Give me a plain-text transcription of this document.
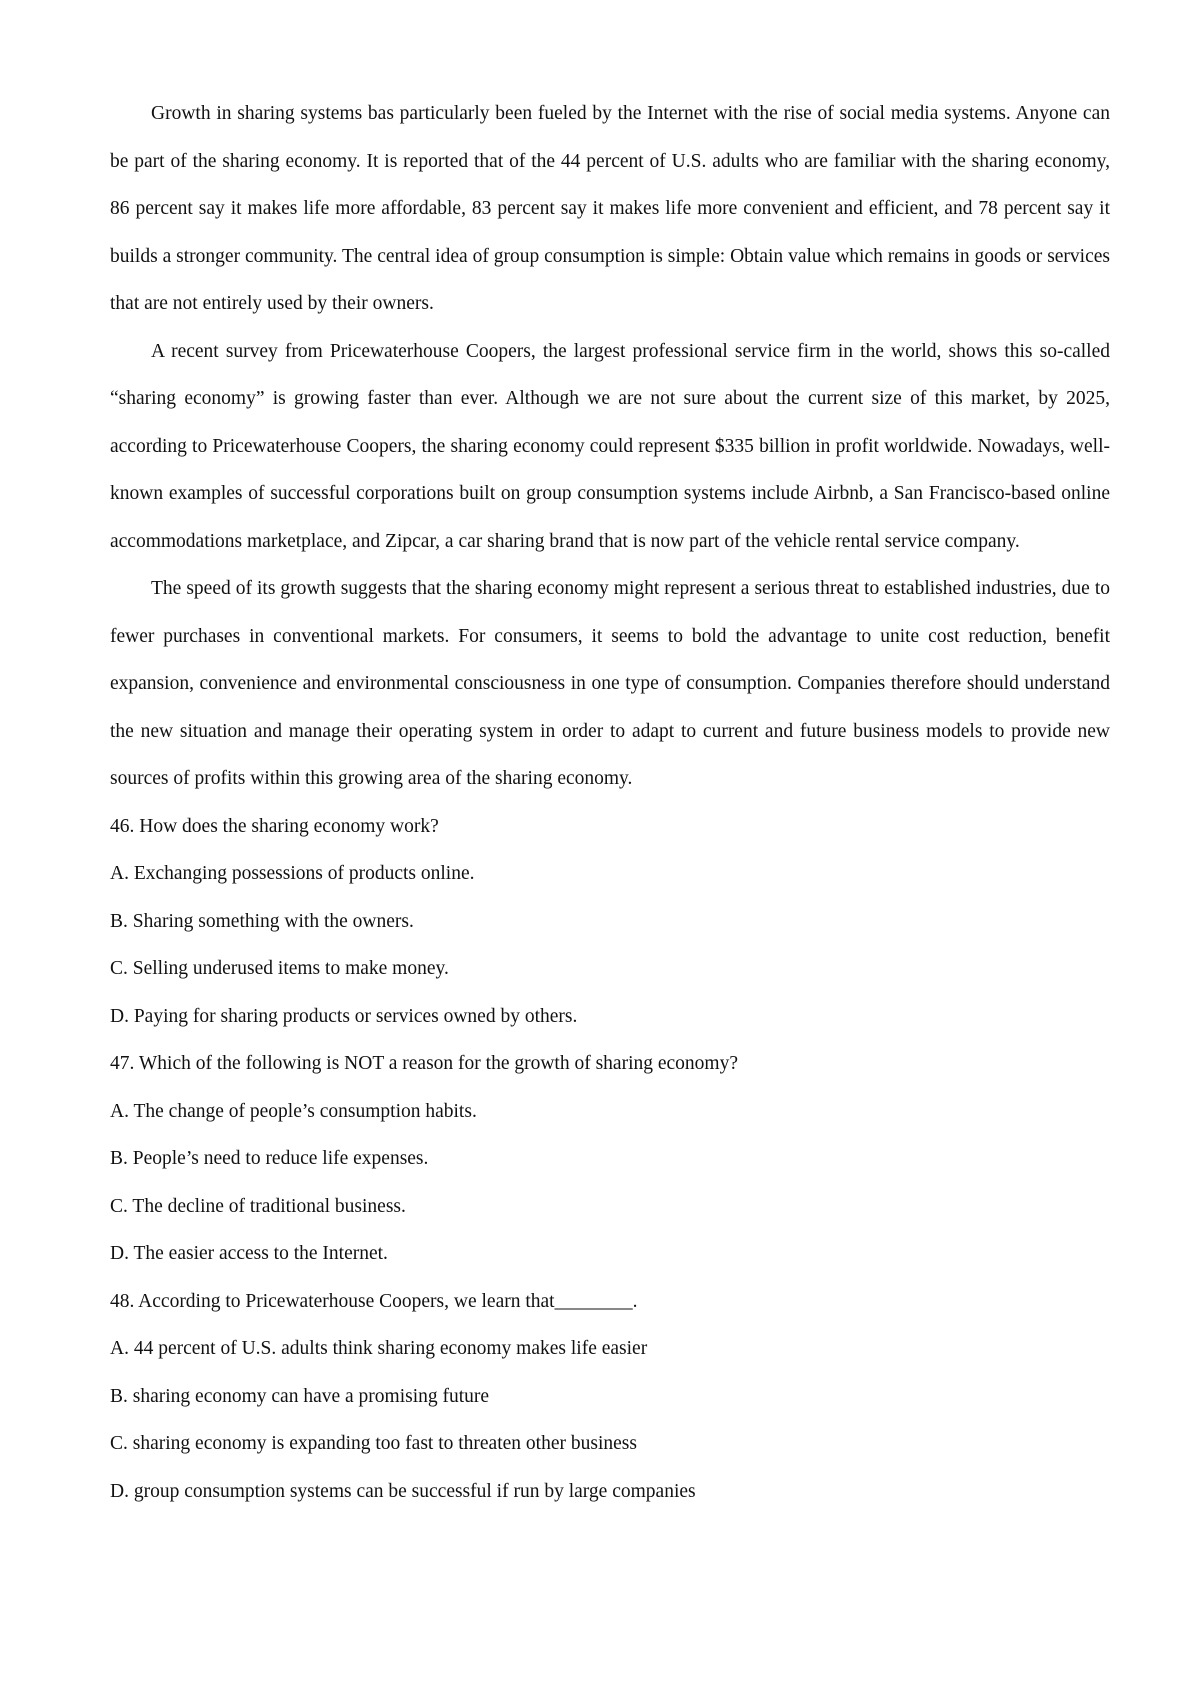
Growth in sharing systems bas particularly been fueled by the Internet with the rise of social media systems. Anyone can be part of the sharing economy. It is reported that of the 44 percent of U.S. adults who are familiar with the sharing economy, 86 percent say it makes life more affordable, 83 percent say it makes life more convenient and efficient, and 78 percent say it builds a stronger community. The central idea of group consumption is simple: Obtain value which remains in goods or services that are not entirely used by their owners.

A recent survey from Pricewaterhouse Coopers, the largest professional service firm in the world, shows this so-called “sharing economy” is growing faster than ever. Although we are not sure about the current size of this market, by 2025, according to Pricewaterhouse Coopers, the sharing economy could represent $335 billion in profit worldwide. Nowadays, well-known examples of successful corporations built on group consumption systems include Airbnb, a San Francisco-based online accommodations marketplace, and Zipcar, a car sharing brand that is now part of the vehicle rental service company.

The speed of its growth suggests that the sharing economy might represent a serious threat to established industries, due to fewer purchases in conventional markets. For consumers, it seems to bold the advantage to unite cost reduction, benefit expansion, convenience and environmental consciousness in one type of consumption. Companies therefore should understand the new situation and manage their operating system in order to adapt to current and future business models to provide new sources of profits within this growing area of the sharing economy.

46. How does the sharing economy work?

A. Exchanging possessions of products online.

B. Sharing something with the owners.

C. Selling underused items to make money.

D. Paying for sharing products or services owned by others.

47. Which of the following is NOT a reason for the growth of sharing economy?

A. The change of people’s consumption habits.

B. People’s need to reduce life expenses.

C. The decline of traditional business.

D. The easier access to the Internet.

48. According to Pricewaterhouse Coopers, we learn that________.

A. 44 percent of U.S. adults think sharing economy makes life easier

B. sharing economy can have a promising future

C. sharing economy is expanding too fast to threaten other business

D. group consumption systems can be successful if run by large companies
